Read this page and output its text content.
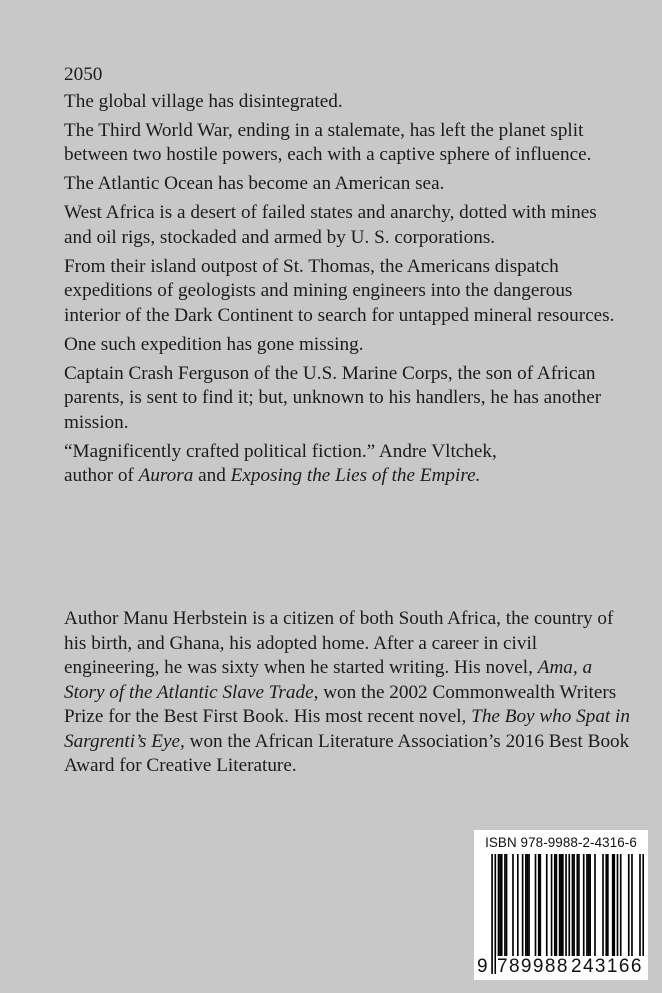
2050

The global village has disintegrated.

The Third World War, ending in a stalemate, has left the planet split between two hostile powers, each with a captive sphere of influence.

The Atlantic Ocean has become an American sea.

West Africa is a desert of failed states and anarchy, dotted with mines and oil rigs, stockaded and armed by U. S. corporations.

From their island outpost of St. Thomas, the Americans dispatch expeditions of geologists and mining engineers into the dangerous interior of the Dark Continent to search for untapped mineral resources.

One such expedition has gone missing.

Captain Crash Ferguson of the U.S. Marine Corps, the son of African parents, is sent to find it; but, unknown to his handlers, he has another mission.

“Magnificently crafted political fiction.” Andre Vltchek,
author of Aurora and Exposing the Lies of the Empire.

Author Manu Herbstein is a citizen of both South Africa, the country of his birth, and Ghana, his adopted home. After a career in civil engineering, he was sixty when he started writing. His novel, Ama, a Story of the Atlantic Slave Trade, won the 2002 Commonwealth Writers Prize for the Best First Book. His most recent novel, The Boy who Spat in Sargrenti’s Eye, won the African Literature Association’s 2016 Best Book Award for Creative Literature.

ISBN 978-9988-2-4316-6
9 789988 243166
